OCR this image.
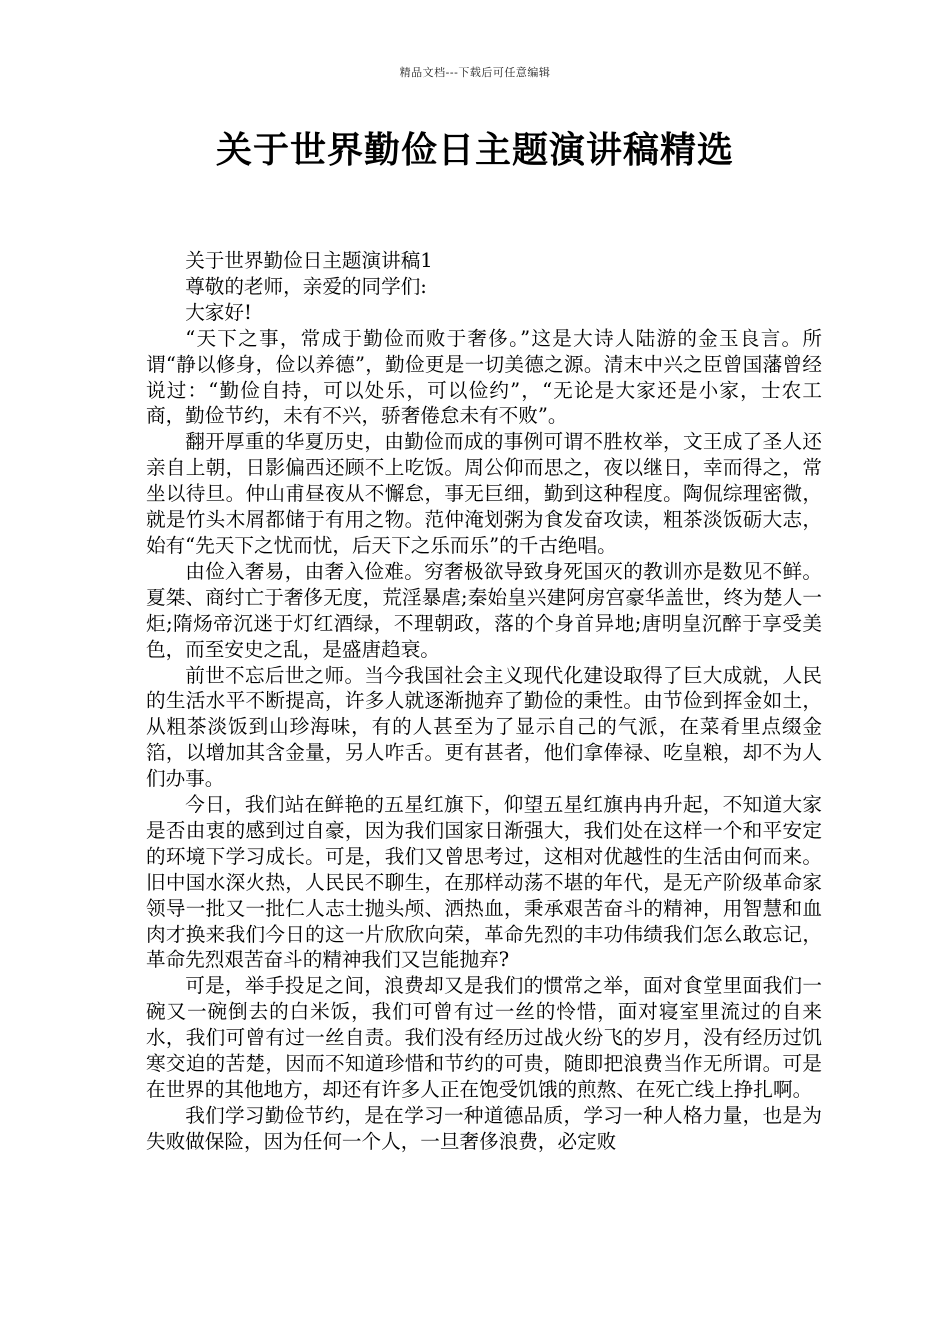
精品文档---下载后可任意编辑
关于世界勤俭日主题演讲稿精选

关于世界勤俭日主题演讲稿1

尊敬的老师，亲爱的同学们:

大家好!

“天下之事，常成于勤俭而败于奢侈。”这是大诗人陆游的金玉良言。所谓“静以修身，俭以养德”，勤俭更是一切美德之源。清末中兴之臣曾国藩曾经说过：“勤俭自持，可以处乐，可以俭约”，“无论是大家还是小家，士农工商，勤俭节约，未有不兴，骄奢倦怠未有不败”。

翻开厚重的华夏历史，由勤俭而成的事例可谓不胜枚举，文王成了圣人还亲自上朝，日影偏西还顾不上吃饭。周公仰而思之，夜以继日，幸而得之，常坐以待旦。仲山甫昼夜从不懈怠，事无巨细，勤到这种程度。陶侃综理密微，就是竹头木屑都储于有用之物。范仲淹划粥为食发奋攻读，粗茶淡饭砺大志，始有“先天下之忧而忧，后天下之乐而乐”的千古绝唱。

由俭入奢易，由奢入俭难。穷奢极欲导致身死国灭的教训亦是数见不鲜。夏桀、商纣亡于奢侈无度，荒淫暴虐;秦始皇兴建阿房宫豪华盖世，终为楚人一炬;隋炀帝沉迷于灯红酒绿，不理朝政，落的个身首异地;唐明皇沉醉于享受美色，而至安史之乱，是盛唐趋衰。

前世不忘后世之师。当今我国社会主义现代化建设取得了巨大成就，人民的生活水平不断提高，许多人就逐渐抛弃了勤俭的秉性。由节俭到挥金如土，从粗茶淡饭到山珍海味，有的人甚至为了显示自己的气派，在菜肴里点缀金箔，以增加其含金量，另人咋舌。更有甚者，他们拿俸禄、吃皇粮，却不为人们办事。

今日，我们站在鲜艳的五星红旗下，仰望五星红旗冉冉升起，不知道大家是否由衷的感到过自豪，因为我们国家日渐强大，我们处在这样一个和平安定的环境下学习成长。可是，我们又曾思考过，这相对优越性的生活由何而来。旧中国水深火热，人民民不聊生，在那样动荡不堪的年代，是无产阶级革命家领导一批又一批仁人志士抛头颅、洒热血，秉承艰苦奋斗的精神，用智慧和血肉才换来我们今日的这一片欣欣向荣，革命先烈的丰功伟绩我们怎么敢忘记，革命先烈艰苦奋斗的精神我们又岂能抛弃?

可是，举手投足之间，浪费却又是我们的惯常之举，面对食堂里面我们一碗又一碗倒去的白米饭，我们可曾有过一丝的怜惜，面对寝室里流过的自来水，我们可曾有过一丝自责。我们没有经历过战火纷飞的岁月，没有经历过饥寒交迫的苦楚，因而不知道珍惜和节约的可贵，随即把浪费当作无所谓。可是在世界的其他地方，却还有许多人正在饱受饥饿的煎熬、在死亡线上挣扎啊。

我们学习勤俭节约，是在学习一种道德品质，学习一种人格力量，也是为失败做保险，因为任何一个人，一旦奢侈浪费，必定败
